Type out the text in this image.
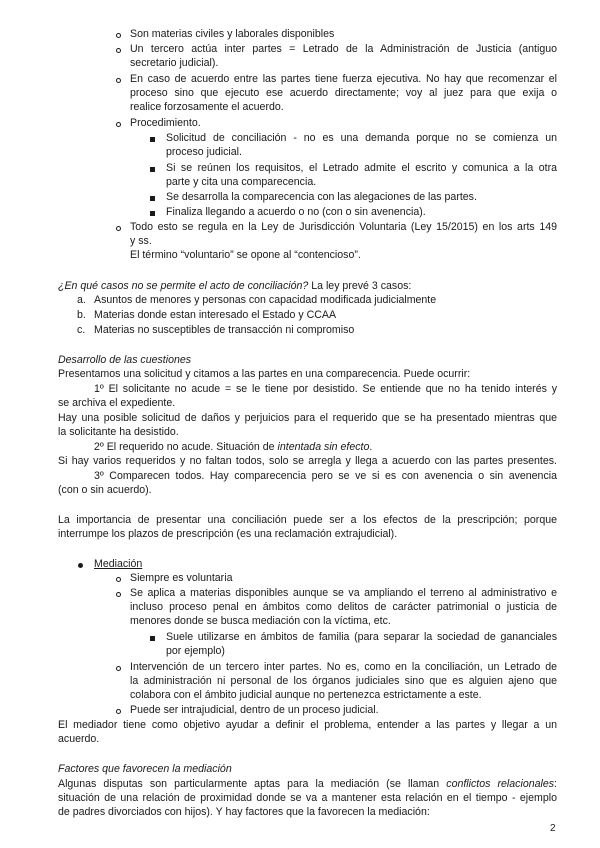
Son materias civiles y laborales disponibles
Un tercero actúa inter partes = Letrado de la Administración de Justicia (antiguo
secretario judicial).
En caso de acuerdo entre las partes tiene fuerza ejecutiva. No hay que recomenzar el
proceso sino que ejecuto ese acuerdo directamente; voy al juez para que exija o
realice forzosamente el acuerdo.
Procedimiento.
Solicitud de conciliación - no es una demanda porque no se comienza un
proceso judicial.
Si se reúnen los requisitos, el Letrado admite el escrito y comunica a la otra
parte y cita una comparecencia.
Se desarrolla la comparecencia con las alegaciones de las partes.
Finaliza llegando a acuerdo o no (con o sin avenencia).
Todo esto se regula en la Ley de Jurisdicción Voluntaria (Ley 15/2015) en los arts 149
y ss.
El término “voluntario” se opone al “contencioso”.
¿En qué casos no se permite el acto de conciliación? La ley prevé 3 casos:
a. Asuntos de menores y personas con capacidad modificada judicialmente
b. Materias donde estan interesado el Estado y CCAA
c. Materias no susceptibles de transacción ni compromiso
Desarrollo de las cuestiones
Presentamos una solicitud y citamos a las partes en una comparecencia. Puede ocurrir:
1º El solicitante no acude = se le tiene por desistido. Se entiende que no ha tenido interés y
se archiva el expediente.
Hay una posible solicitud de daños y perjuicios para el requerido que se ha presentado mientras que
la solicitante ha desistido.
2º El requerido no acude. Situación de intentada sin efecto.
Si hay varios requeridos y no faltan todos, solo se arregla y llega a acuerdo con las partes presentes.
3º Comparecen todos. Hay comparecencia pero se ve si es con avenencia o sin avenencia
(con o sin acuerdo).
La importancia de presentar una conciliación puede ser a los efectos de la prescripción; porque
interrumpe los plazos de prescripción (es una reclamación extrajudicial).
Mediación
Siempre es voluntaria
Se aplica a materias disponibles aunque se va ampliando el terreno al administrativo e
incluso proceso penal en ámbitos como delitos de carácter patrimonial o justicia de
menores donde se busca mediación con la víctima, etc.
Suele utilizarse en ámbitos de familia (para separar la sociedad de gananciales
por ejemplo)
Intervención de un tercero inter partes. No es, como en la conciliación, un Letrado de
la administración ni personal de los órganos judiciales sino que es alguien ajeno que
colabora con el ámbito judicial aunque no pertenezca estrictamente a este.
Puede ser intrajudicial, dentro de un proceso judicial.
El mediador tiene como objetivo ayudar a definir el problema, entender a las partes y llegar a un
acuerdo.
Factores que favorecen la mediación
Algunas disputas son particularmente aptas para la mediación (se llaman conflictos relacionales:
situación de una relación de proximidad donde se va a mantener esta relación en el tiempo - ejemplo
de padres divorciados con hijos). Y hay factores que la favorecen la mediación:
2
